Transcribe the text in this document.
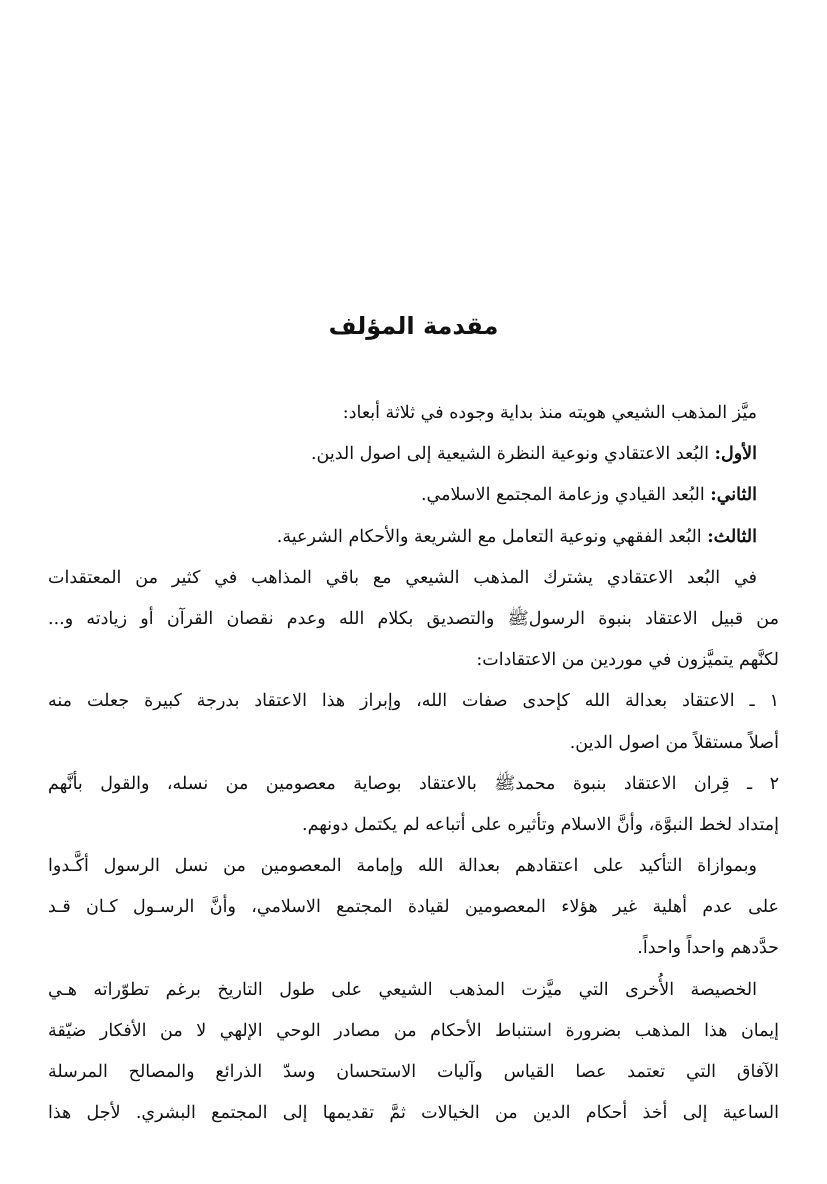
مقدمة المؤلف
ميَّز المذهب الشيعي هويته منذ بداية وجوده في ثلاثة أبعاد:
الأول: البُعد الاعتقادي ونوعية النظرة الشيعية إلى اصول الدين.
الثاني: البُعد القيادي وزعامة المجتمع الاسلامي.
الثالث: البُعد الفقهي ونوعية التعامل مع الشريعة والأحكام الشرعية.
في البُعد الاعتقادي يشترك المذهب الشيعي مع باقي المذاهب في كثير من المعتقدات
من قبيل الاعتقاد بنبوة الرسولﷺ والتصديق بكلام الله وعدم نقصان القرآن أو زيادته و...
لكنَّهم يتميَّزون في موردين من الاعتقادات:
١ ـ الاعتقاد بعدالة الله كإحدى صفات الله، وإبراز هذا الاعتقاد بدرجة كبيرة جعلت منه
أصلاً مستقلاً من اصول الدين.
٢ ـ قِران الاعتقاد بنبوة محمدﷺ بالاعتقاد بوصاية معصومين من نسله، والقول بأنَّهم
إمتداد لخط النبوَّة، وأنَّ الاسلام وتأثيره على أتباعه لم يكتمل دونهم.
وبموازاة التأكيد على اعتقادهم بعدالة الله وإمامة المعصومين من نسل الرسول أكَّـدوا
على عدم أهلية غير هؤلاء المعصومين لقيادة المجتمع الاسلامي، وأنَّ الرسـول كـان قـد
حدَّدهم واحداً واحداً.
الخصيصة الأُخرى التي ميَّزت المذهب الشيعي على طول التاريخ برغم تطوّراته هـي
إيمان هذا المذهب بضرورة استنباط الأحكام من مصادر الوحي الإلهي لا من الأفكار ضيّقة
الآفاق التي تعتمد عصا القياس وآليات الاستحسان وسدّ الذرائع والمصالح المرسلة
الساعية إلى أخذ أحكام الدين من الخيالات ثمَّ تقديمها إلى المجتمع البشري. لأجل هذا
